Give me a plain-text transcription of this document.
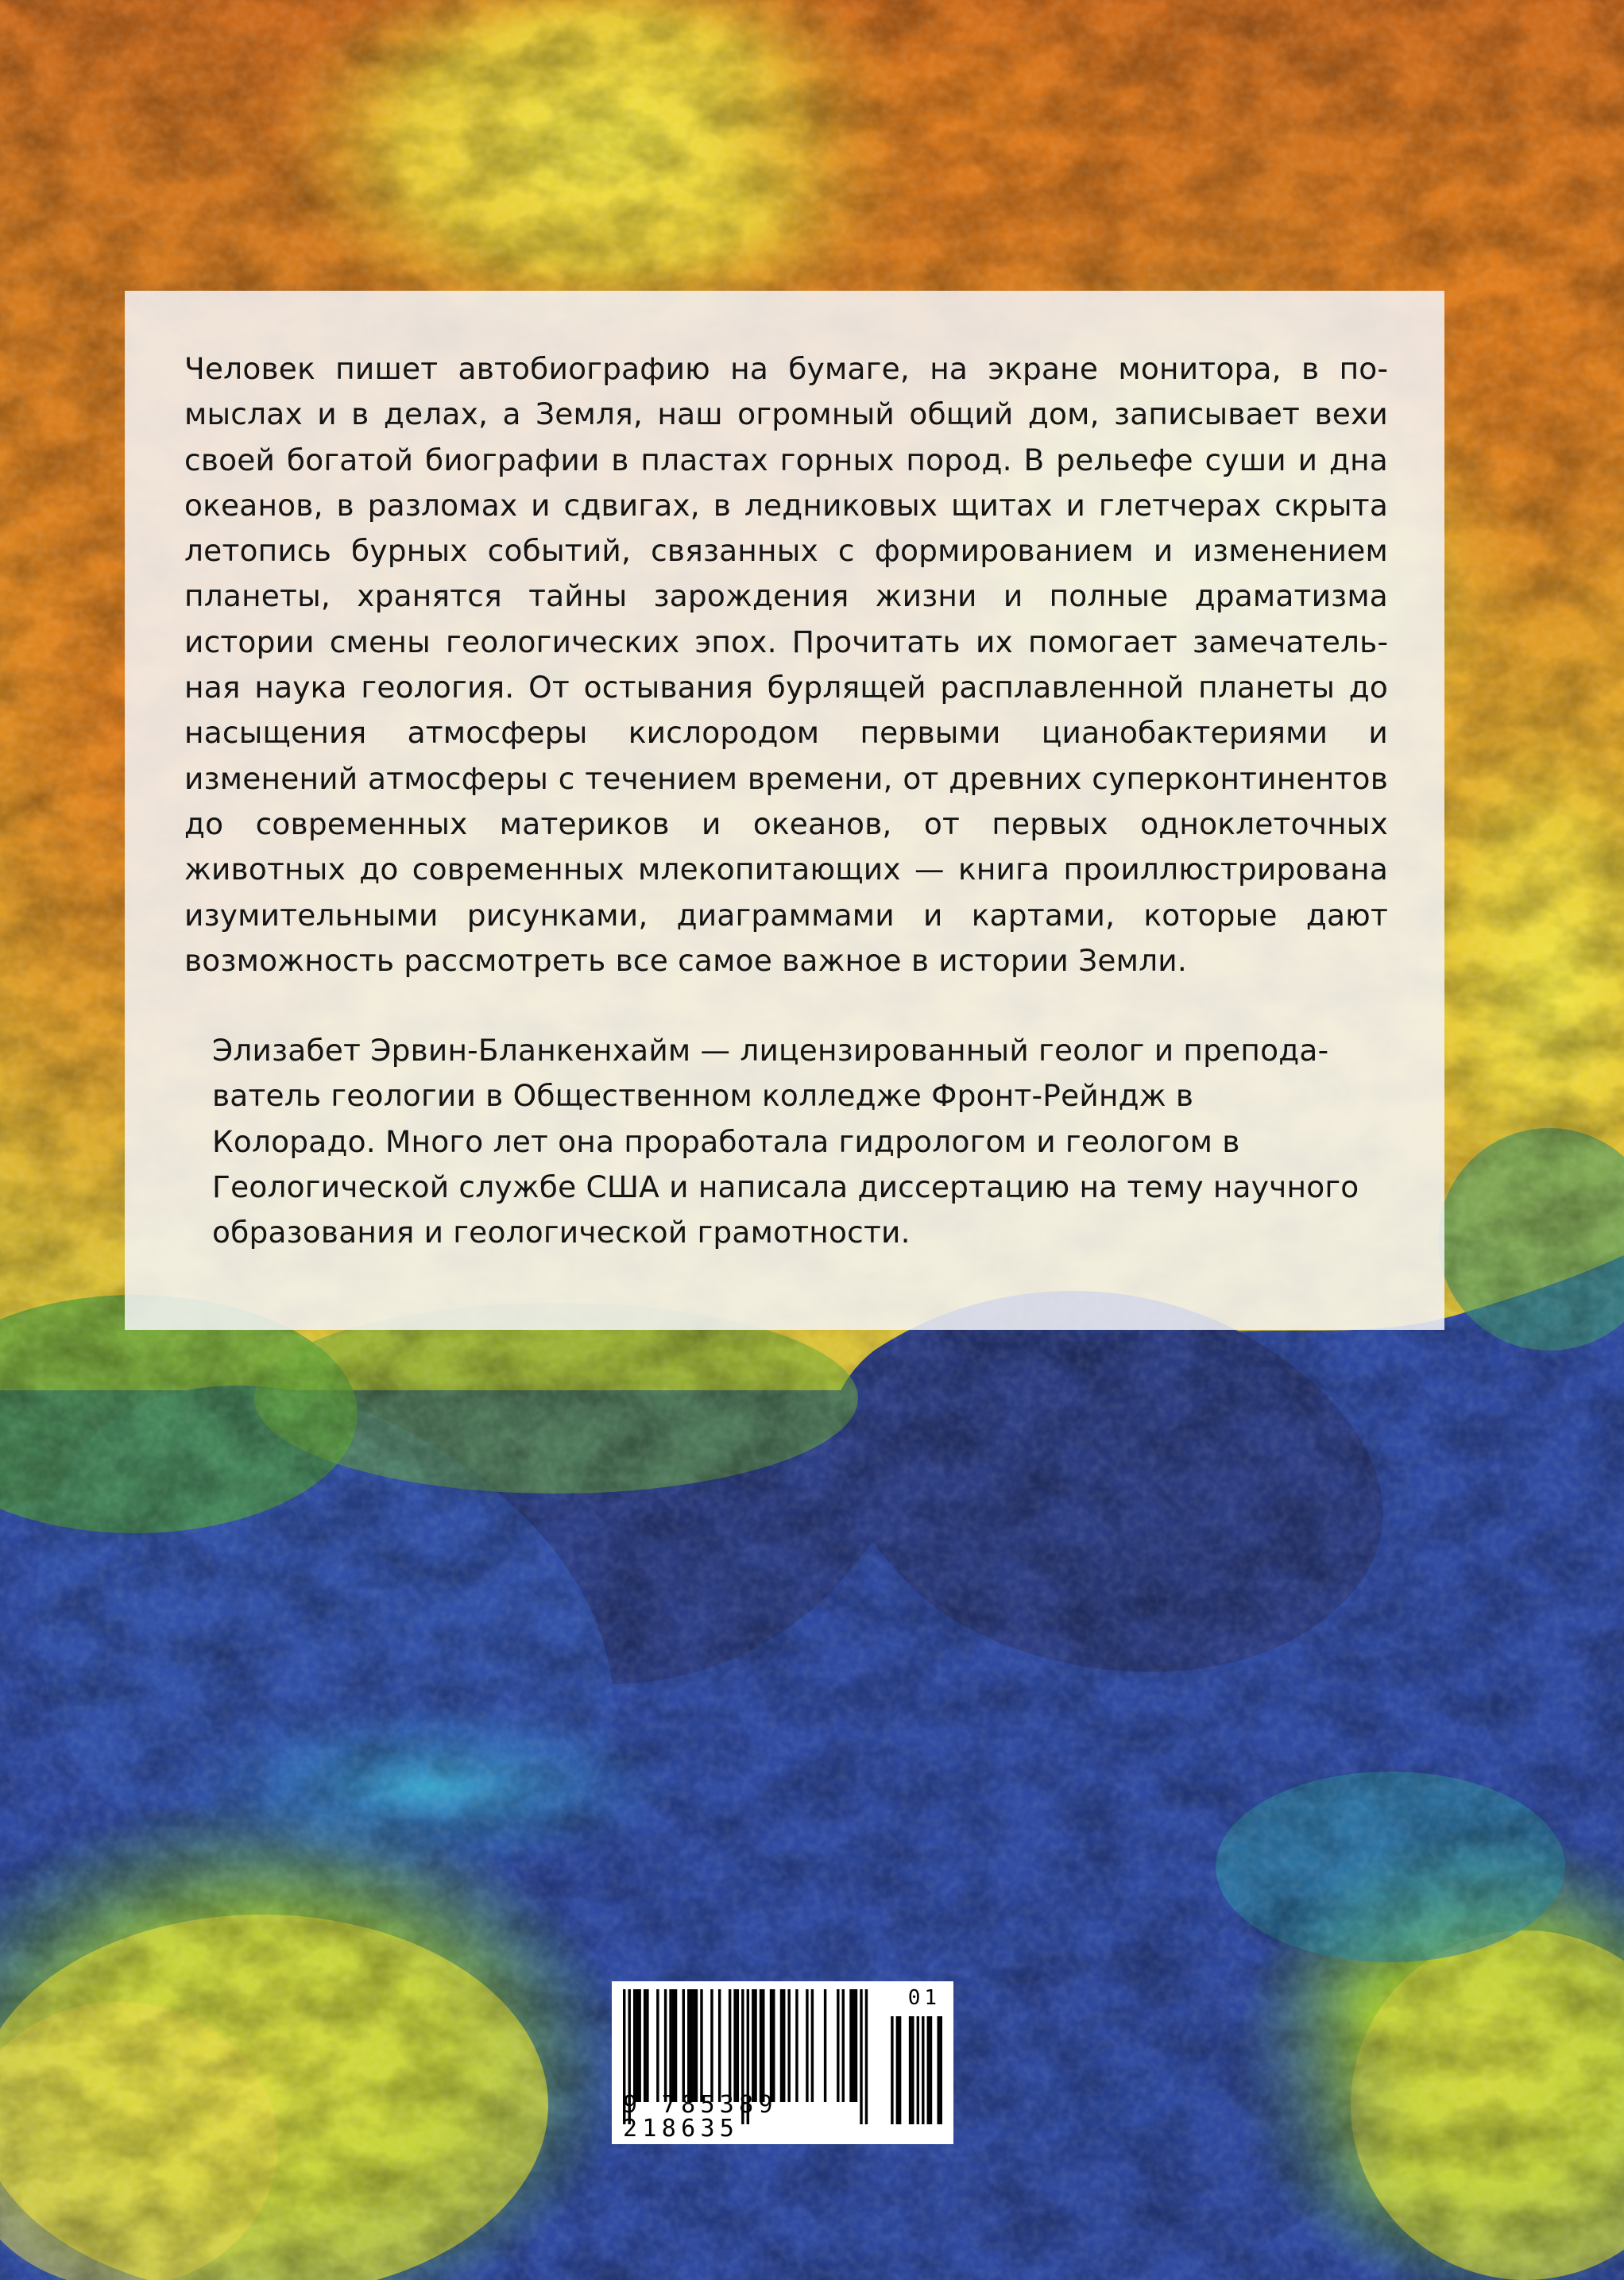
Человек пишет автобиографию на бумаге, на экране монитора, в помыслах и в делах, а Земля, наш огромный общий дом, записывает вехи своей богатой биографии в пластах горных пород. В рельефе суши и дна океанов, в разломах и сдвигах, в ледниковых щитах и глетчерах скрыта летопись бурных событий, связанных с формированием и изменением планеты, хранятся тайны зарождения жизни и полные драматизма истории смены геологических эпох. Прочитать их помогает замечательная наука геология. От остывания бурлящей расплавленной планеты до насыщения атмосферы кислородом первыми цианобактериями и изменений атмосферы с течением времени, от древних суперконтинентов до современных материков и океанов, от первых одноклеточных животных до современных млекопитающих — книга проиллюстрирована изумительными рисунками, диаграммами и картами, которые дают возможность рассмотреть все самое важное в истории Земли.

Элизабет Эрвин-Бланкенхайм — лицензированный геолог и преподаватель геологии в Общественном колледже Фронт-Рейндж в Колорадо. Много лет она проработала гидрологом и геологом в Геологической службе США и написала диссертацию на тему научного образования и геологической грамотности.

9 785389 218635
01
